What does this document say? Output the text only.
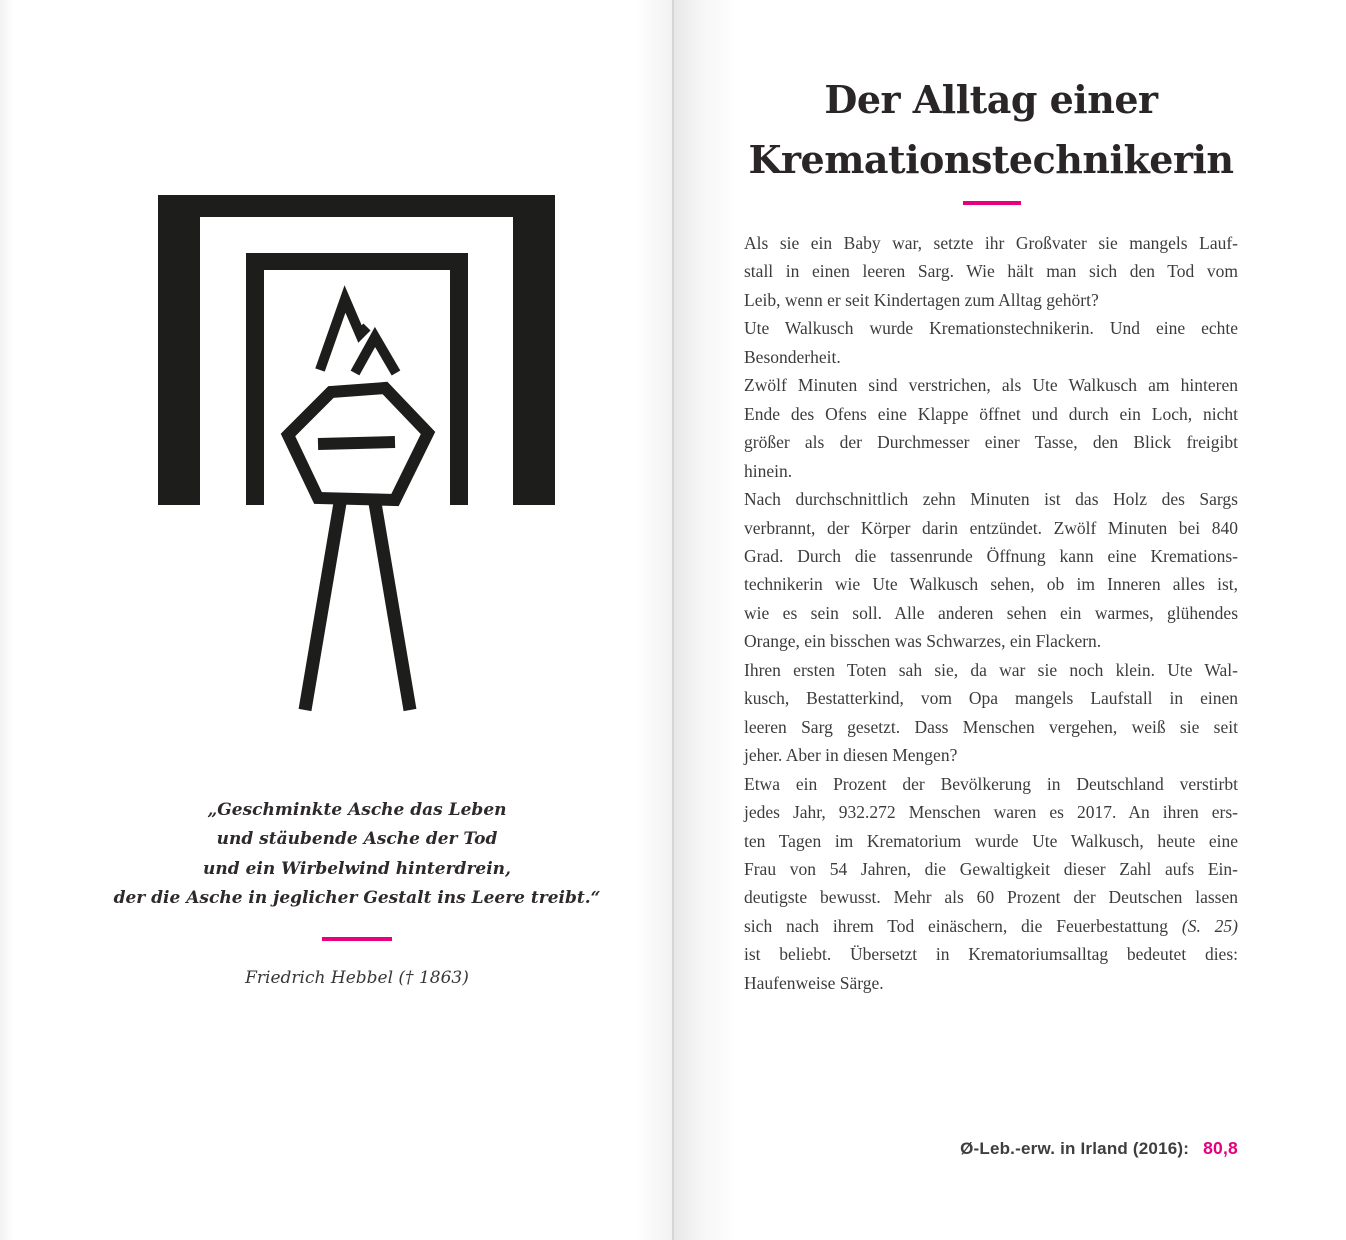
„Geschminkte Asche das Leben
und stäubende Asche der Tod
und ein Wirbelwind hinterdrein,
der die Asche in jeglicher Gestalt ins Leere treibt.“
Friedrich Hebbel († 1863)
Der Alltag einer
Kremationstechnikerin
Als sie ein Baby war, setzte ihr Großvater sie mangels Lauf-
stall in einen leeren Sarg. Wie hält man sich den Tod vom
Leib, wenn er seit Kindertagen zum Alltag gehört?
Ute Walkusch wurde Kremationstechnikerin. Und eine echte
Besonderheit.
Zwölf Minuten sind verstrichen, als Ute Walkusch am hinteren
Ende des Ofens eine Klappe öffnet und durch ein Loch, nicht
größer als der Durchmesser einer Tasse, den Blick freigibt
hinein.
Nach durchschnittlich zehn Minuten ist das Holz des Sargs
verbrannt, der Körper darin entzündet. Zwölf Minuten bei 840
Grad. Durch die tassenrunde Öffnung kann eine Kremations-
technikerin wie Ute Walkusch sehen, ob im Inneren alles ist,
wie es sein soll. Alle anderen sehen ein warmes, glühendes
Orange, ein bisschen was Schwarzes, ein Flackern.
Ihren ersten Toten sah sie, da war sie noch klein. Ute Wal-
kusch, Bestatterkind, vom Opa mangels Laufstall in einen
leeren Sarg gesetzt. Dass Menschen vergehen, weiß sie seit
jeher. Aber in diesen Mengen?
Etwa ein Prozent der Bevölkerung in Deutschland verstirbt
jedes Jahr, 932.272 Menschen waren es 2017. An ihren ers-
ten Tagen im Krematorium wurde Ute Walkusch, heute eine
Frau von 54 Jahren, die Gewaltigkeit dieser Zahl aufs Ein-
deutigste bewusst. Mehr als 60 Prozent der Deutschen lassen
sich nach ihrem Tod einäschern, die Feuerbestattung (S. 25)
ist beliebt. Übersetzt in Krematoriumsalltag bedeutet dies:
Haufenweise Särge.
Ø-Leb.-erw. in Irland (2016): 80,8
